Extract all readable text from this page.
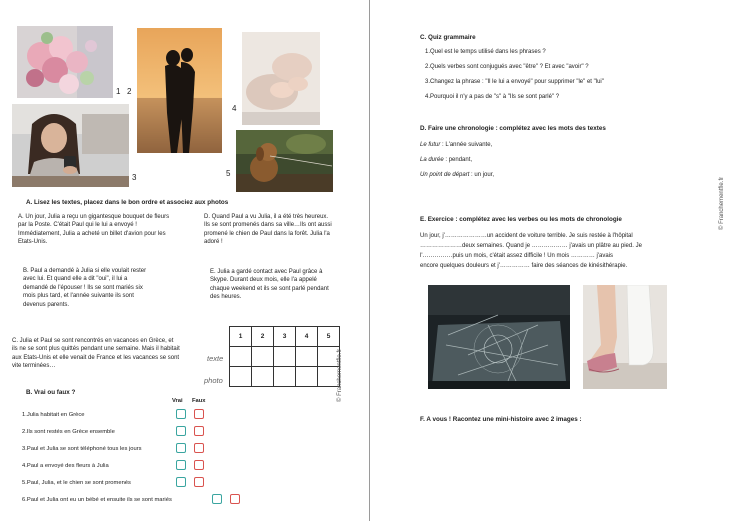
1 2
4
3	5
A. Lisez les textes, placez dans le bon ordre et associez aux photos
A. Un jour, Julia a reçu un gigantesque bouquet de fleurs par la Poste. C'était Paul qui le lui a envoyé ! Immédiatement, Julia a acheté un billet d'avion pour les Etats-Unis.
D. Quand Paul a vu Julia, il a été très heureux. Ils se sont promenés dans sa ville…Ils ont aussi promené le chien de Paul dans la forêt. Julia l'a adoré !
B. Paul a demandé à Julia si elle voulait rester avec lui. Et quand elle a dit "oui", il lui a demandé de l'épouser ! Ils se sont mariés six mois plus tard, et l'année suivante ils sont devenus parents.
E. Julia a gardé contact avec Paul grâce à Skype. Durant deux mois, elle l'a appelé chaque weekend et ils se sont parlé pendant des heures.
C. Julia et Paul se sont rencontrés en vacances en Grèce, et ils ne se sont plus quittés pendant une semaine. Mais il habitait aux Etats-Unis et elle venait de France et les vacances se sont vite terminées…
1	2	3	4	5

texte
photo	© Franchementfle.fr
B. Vrai ou faux ?
Vrai Faux
1.Julia habitait en Grèce
2.Ils sont restés en Grèce ensemble
3.Paul et Julia se sont téléphoné tous les jours
4.Paul a envoyé des fleurs à Julia
5.Paul, Julia, et le chien se sont promenés
6.Paul et Julia ont eu un bébé et ensuite ils se sont mariés
C. Quiz grammaire
1.Quel est le temps utilisé dans les phrases ?
2.Quels verbes sont conjugués avec "être" ? Et avec "avoir" ?
3.Changez la phrase : "Il le lui a envoyé" pour supprimer "le" et "lui"
4.Pourquoi il n'y a pas de "s" à "Ils se sont parlé" ?
D. Faire une chronologie : complétez avec les mots des textes
Le futur : L'année suivante,
La durée : pendant,
Un point de départ : un jour,
© Franchementfle.fr
E. Exercice : complétez avec les verbes ou les mots de chronologie
Un jour, j'…………………un accident de voiture terrible. Je suis restée à l'hôpital
…………………deux semaines. Quand je ……………… j'avais un plâtre au pied. Je
l'……………puis un mois, c'était assez difficile ! Un mois ………… j'avais
encore quelques douleurs et j'…………… faire des séances de kinésithérapie.
F. A vous ! Racontez une mini-histoire avec 2 images :
